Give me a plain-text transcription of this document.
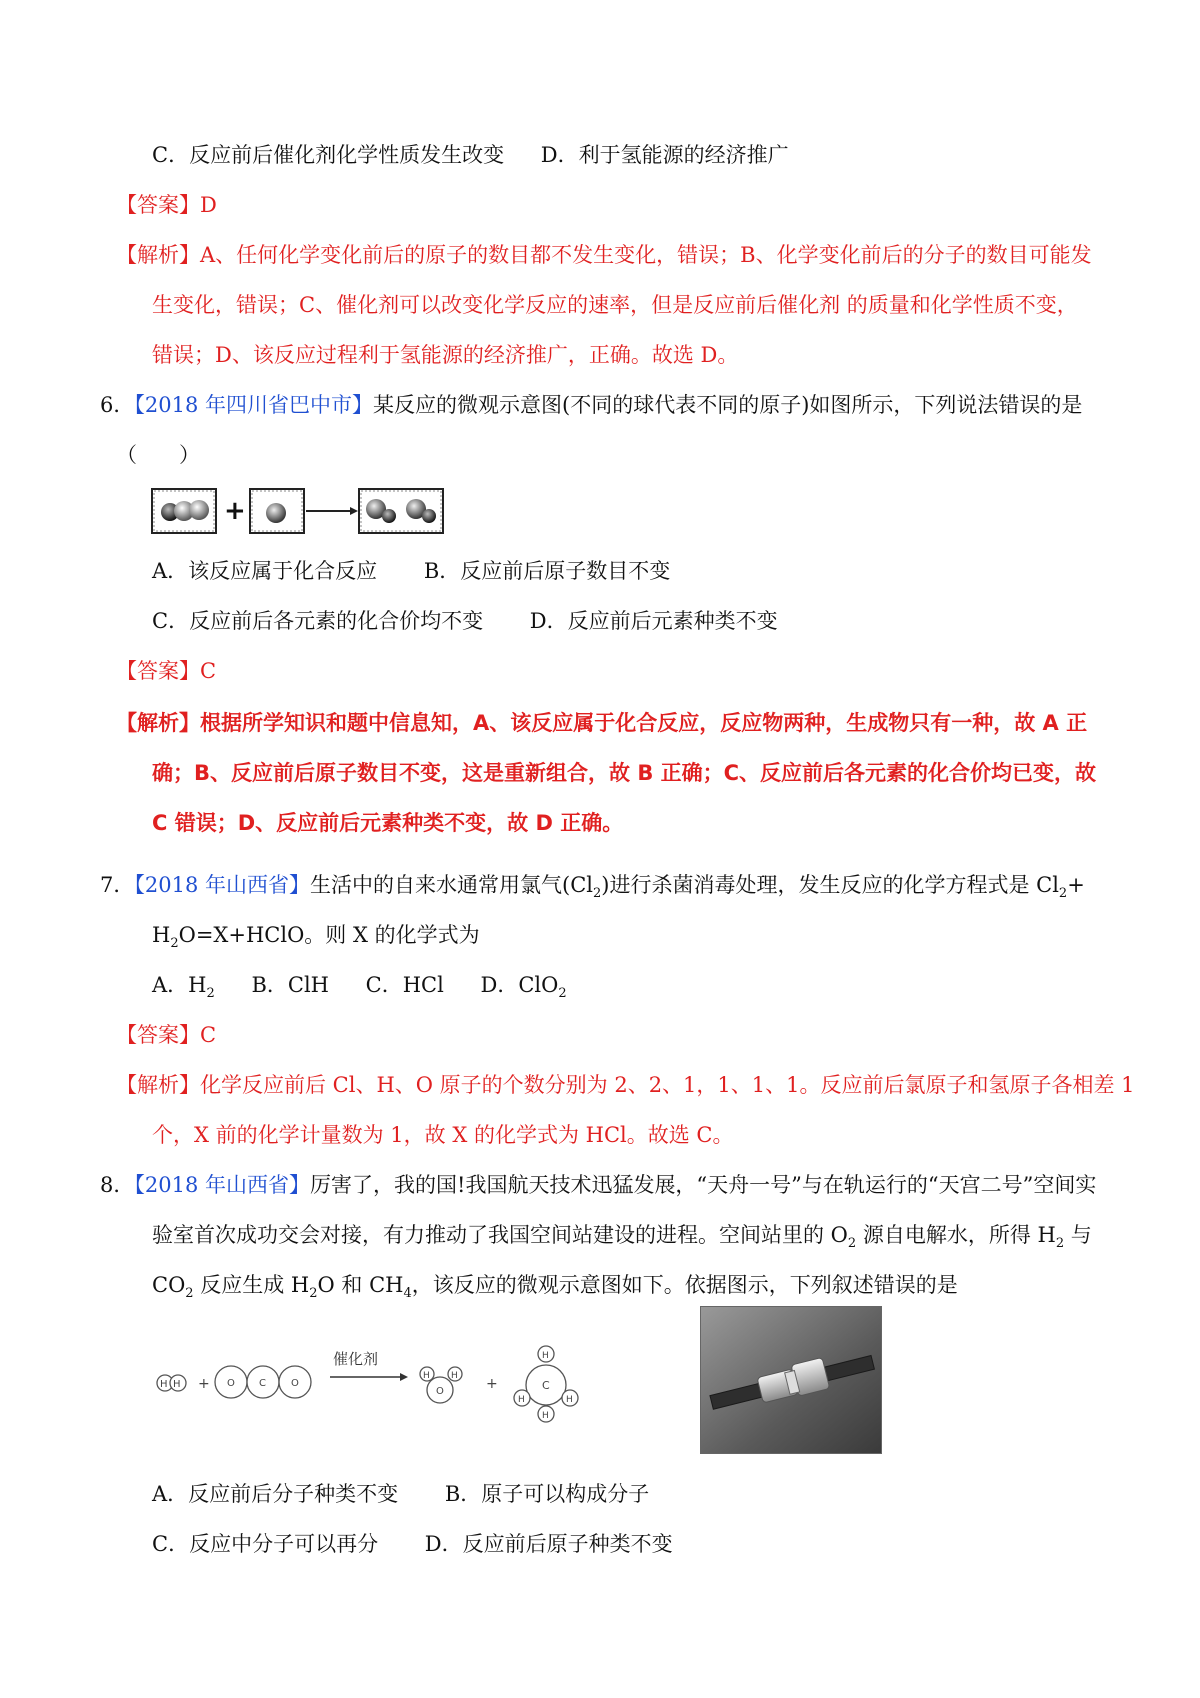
C．反应前后催化剂化学性质发生改变 D．利于氢能源的经济推广
【答案】D
【解析】A、任何化学变化前后的原子的数目都不发生变化，错误；B、化学变化前后的分子的数目可能发
生变化，错误；C、催化剂可以改变化学反应的速率，但是反应前后催化剂 的质量和化学性质不变，
错误；D、该反应过程利于氢能源的经济推广，正确。故选 D。
6．【2018 年四川省巴中市】某反应的微观示意图(不同的球代表不同的原子)如图所示，下列说法错误的是
（　　）
+
A．该反应属于化合反应 B．反应前后原子数目不变
C．反应前后各元素的化合价均不变 D．反应前后元素种类不变
【答案】C
【解析】根据所学知识和题中信息知，A、该反应属于化合反应，反应物两种，生成物只有一种，故 A 正
确；B、反应前后原子数目不变，这是重新组合，故 B 正确；C、反应前后各元素的化合价均已变，故
C 错误；D、反应前后元素种类不变，故 D 正确。
7．【2018 年山西省】生活中的自来水通常用氯气$(Cl_2)$进行杀菌消毒处理，发生反应的化学方程式是 $Cl_2+$
$H_2O=X+HClO$。则 X 的化学式为
A．$H_2$ B．ClH C．HCl D．ClO$_2$
【答案】C
【解析】化学反应前后 Cl、H、O 原子的个数分别为 2、2、1，1、1、1。反应前后氯原子和氢原子各相差 1
个，X 前的化学计量数为 1，故 X 的化学式为 HCl。故选 C。
8．【2018 年山西省】厉害了，我的国!我国航天技术迅猛发展，“天舟一号”与在轨运行的“天宫二号”空间实
验室首次成功交会对接，有力推动了我国空间站建设的进程。空间站里的 $O_2$ 源自电解水，所得 $H_2$ 与
$CO_2$ 反应生成 $H_2O$ 和 $CH_4$，该反应的微观示意图如下。依据图示，下列叙述错误的是
H H + O C	O
催化剂
O
H H +	C
H
H	H
H
A．反应前后分子种类不变 B．原子可以构成分子
C．反应中分子可以再分 D．反应前后原子种类不变
